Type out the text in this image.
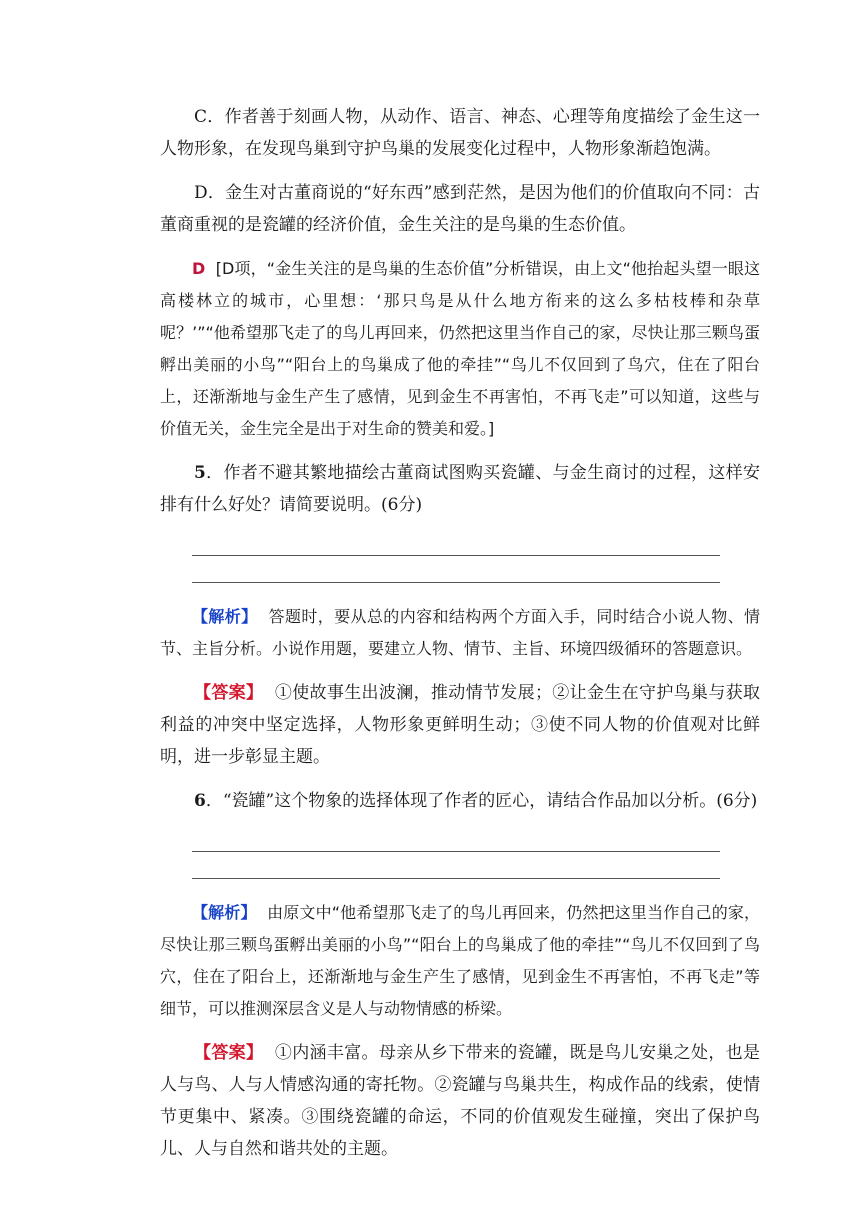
C．作者善于刻画人物，从动作、语言、神态、心理等角度描绘了金生这一人物形象，在发现鸟巢到守护鸟巢的发展变化过程中，人物形象渐趋饱满。

D．金生对古董商说的“好东西”感到茫然，是因为他们的价值取向不同：古董商重视的是瓷罐的经济价值，金生关注的是鸟巢的生态价值。

D [D项，“金生关注的是鸟巢的生态价值”分析错误，由上文“他抬起头望一眼这高楼林立的城市，心里想：‘那只鸟是从什么地方衔来的这么多枯枝棒和杂草呢？’”“他希望那飞走了的鸟儿再回来，仍然把这里当作自己的家，尽快让那三颗鸟蛋孵出美丽的小鸟”“阳台上的鸟巢成了他的牵挂”“鸟儿不仅回到了鸟穴，住在了阳台上，还渐渐地与金生产生了感情，见到金生不再害怕，不再飞走”可以知道，这些与价值无关，金生完全是出于对生命的赞美和爱。]

5．作者不避其繁地描绘古董商试图购买瓷罐、与金生商讨的过程，这样安排有什么好处？请简要说明。(6分)

【解析】 答题时，要从总的内容和结构两个方面入手，同时结合小说人物、情节、主旨分析。小说作用题，要建立人物、情节、主旨、环境四级循环的答题意识。

【答案】 ①使故事生出波澜，推动情节发展；②让金生在守护鸟巢与获取利益的冲突中坚定选择，人物形象更鲜明生动；③使不同人物的价值观对比鲜明，进一步彰显主题。

6．“瓷罐”这个物象的选择体现了作者的匠心，请结合作品加以分析。(6分)

【解析】 由原文中“他希望那飞走了的鸟儿再回来，仍然把这里当作自己的家，尽快让那三颗鸟蛋孵出美丽的小鸟”“阳台上的鸟巢成了他的牵挂”“鸟儿不仅回到了鸟穴，住在了阳台上，还渐渐地与金生产生了感情，见到金生不再害怕，不再飞走”等细节，可以推测深层含义是人与动物情感的桥梁。

【答案】 ①内涵丰富。母亲从乡下带来的瓷罐，既是鸟儿安巢之处，也是人与鸟、人与人情感沟通的寄托物。②瓷罐与鸟巢共生，构成作品的线索，使情节更集中、紧凑。③围绕瓷罐的命运，不同的价值观发生碰撞，突出了保护鸟儿、人与自然和谐共处的主题。
